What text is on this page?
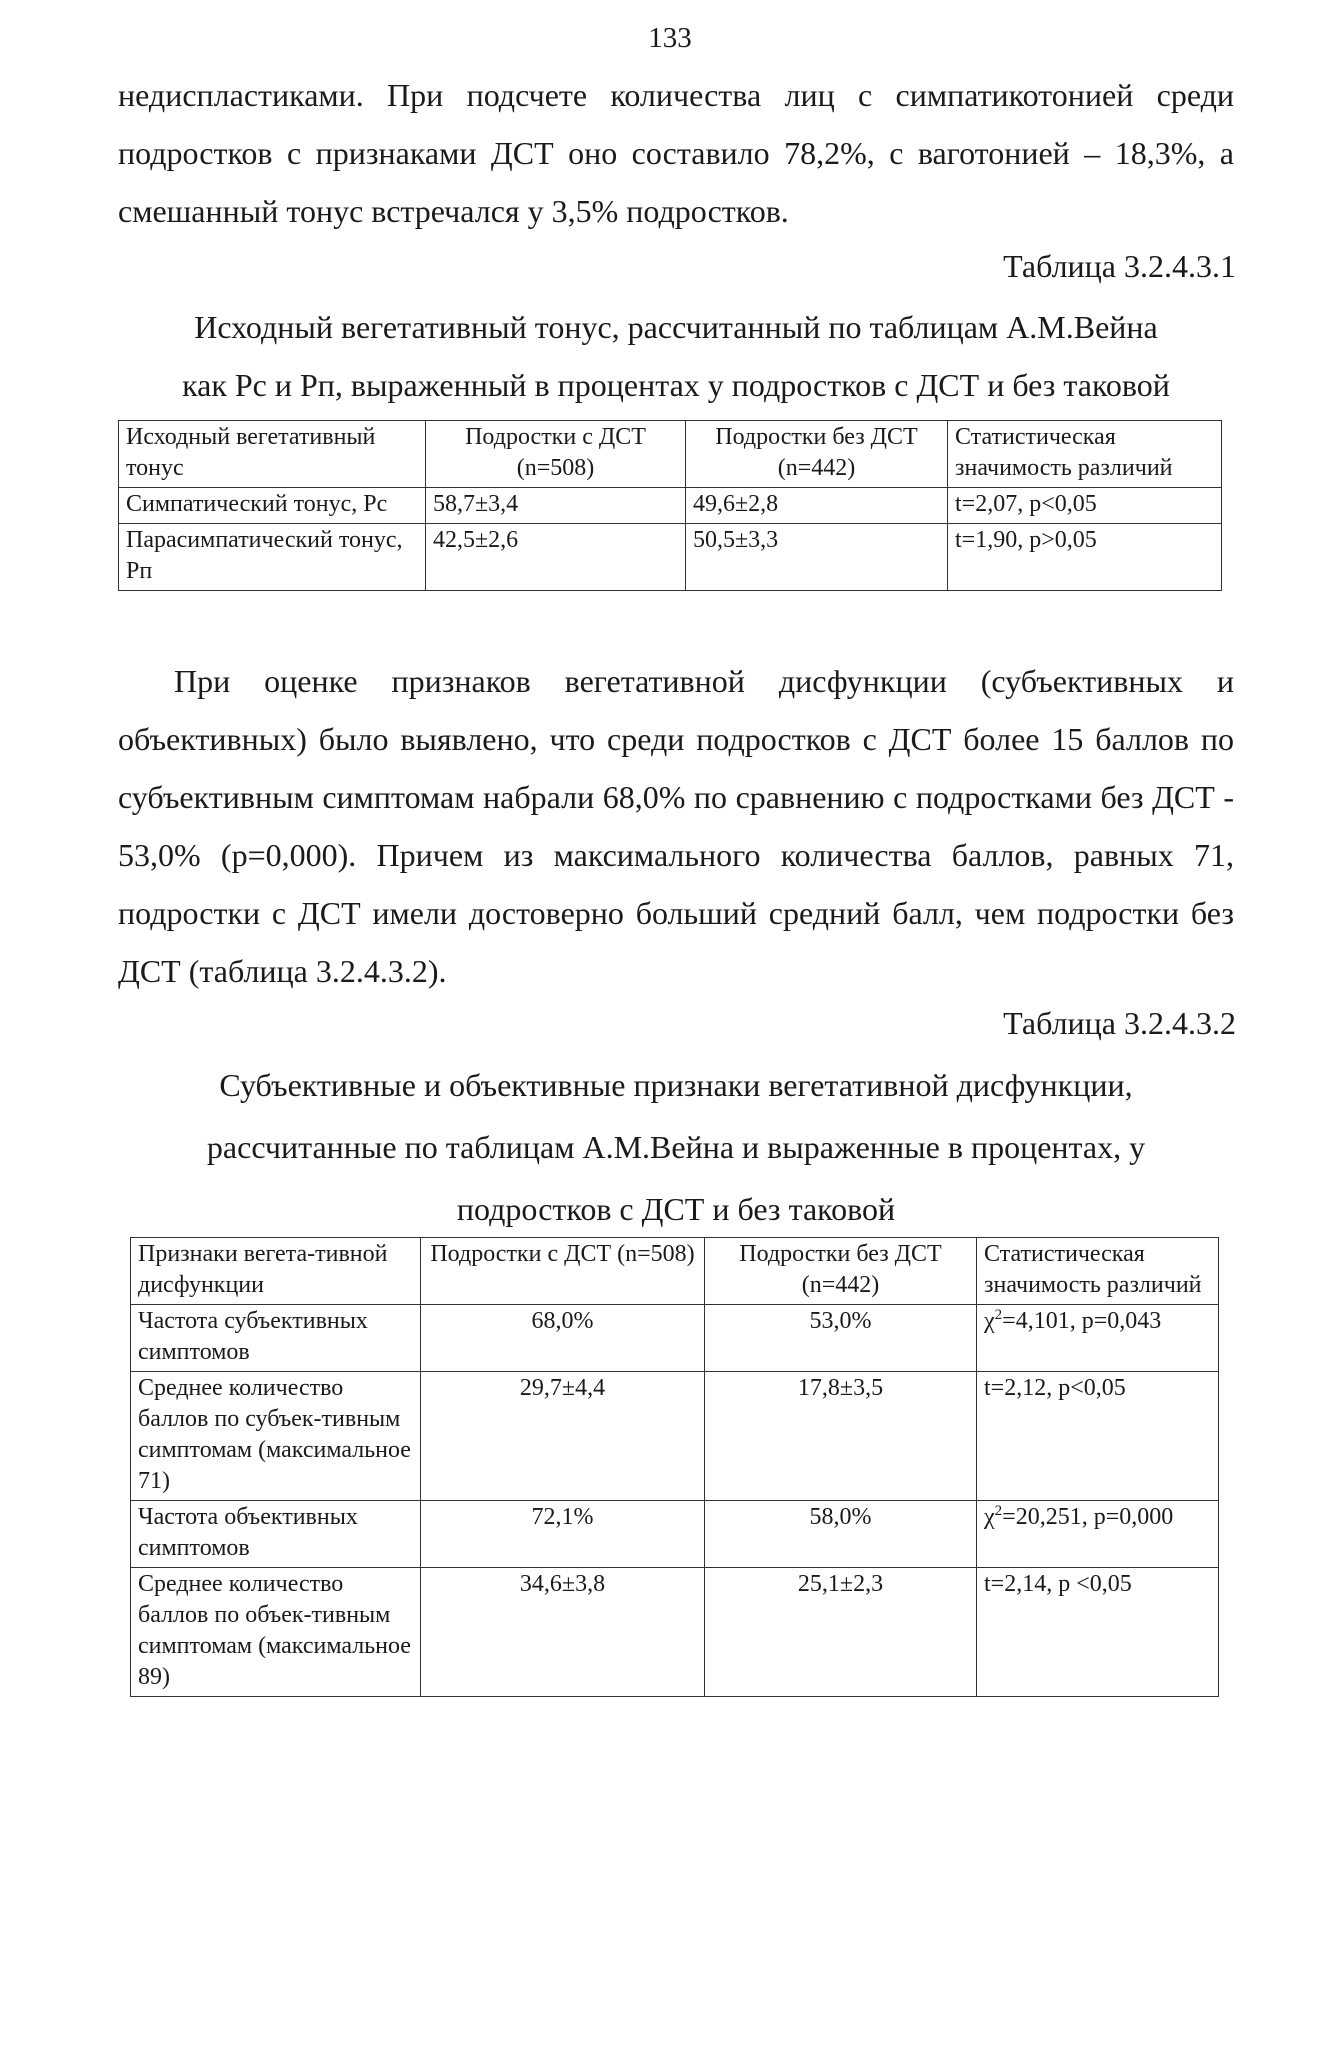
133

недиспластиками. При подсчете количества лиц с симпатикотонией среди подростков с признаками ДСТ оно составило 78,2%, с ваготонией – 18,3%, а смешанный тонус встречался у 3,5% подростков.

Таблица 3.2.4.3.1
Исходный вегетативный тонус, рассчитанный по таблицам А.М.Вейна
как Рс и Рп, выраженный в процентах у подростков с ДСТ и без таковой
Исходный вегетативный тонус	Подростки с ДСТ (n=508)	Подростки без ДСТ (n=442)	Статистическая значимость различий
Симпатический тонус, Рс	58,7±3,4	49,6±2,8	t=2,07, p<0,05
Парасимпатический тонус, Рп	42,5±2,6	50,5±3,3	t=1,90, p>0,05

При оценке признаков вегетативной дисфункции (субъективных и объективных) было выявлено, что среди подростков с ДСТ более 15 баллов по субъективным симптомам набрали 68,0% по сравнению с подростками без ДСТ - 53,0% (p=0,000). Причем из максимального количества баллов, равных 71, подростки с ДСТ имели достоверно больший средний балл, чем подростки без ДСТ (таблица 3.2.4.3.2).

Таблица 3.2.4.3.2
Субъективные и объективные признаки вегетативной дисфункции,
рассчитанные по таблицам А.М.Вейна и выраженные в процентах, у
подростков с ДСТ и без таковой
Признаки вегета-тивной дисфункции	Подростки с ДСТ (n=508)	Подростки без ДСТ (n=442)	Статистическая значимость различий
Частота субъективных симптомов	68,0%	53,0%	$\chi^2=4,101$, p=0,043
Среднее количество баллов по субъек-тивным симптомам (максимальное 71)	29,7±4,4	17,8±3,5	t=2,12, p<0,05
Частота объективных симптомов	72,1%	58,0%	$\chi^2=20,251$, p=0,000
Среднее количество баллов по объек-тивным симптомам (максимальное 89)	34,6±3,8	25,1±2,3	t=2,14, p <0,05
